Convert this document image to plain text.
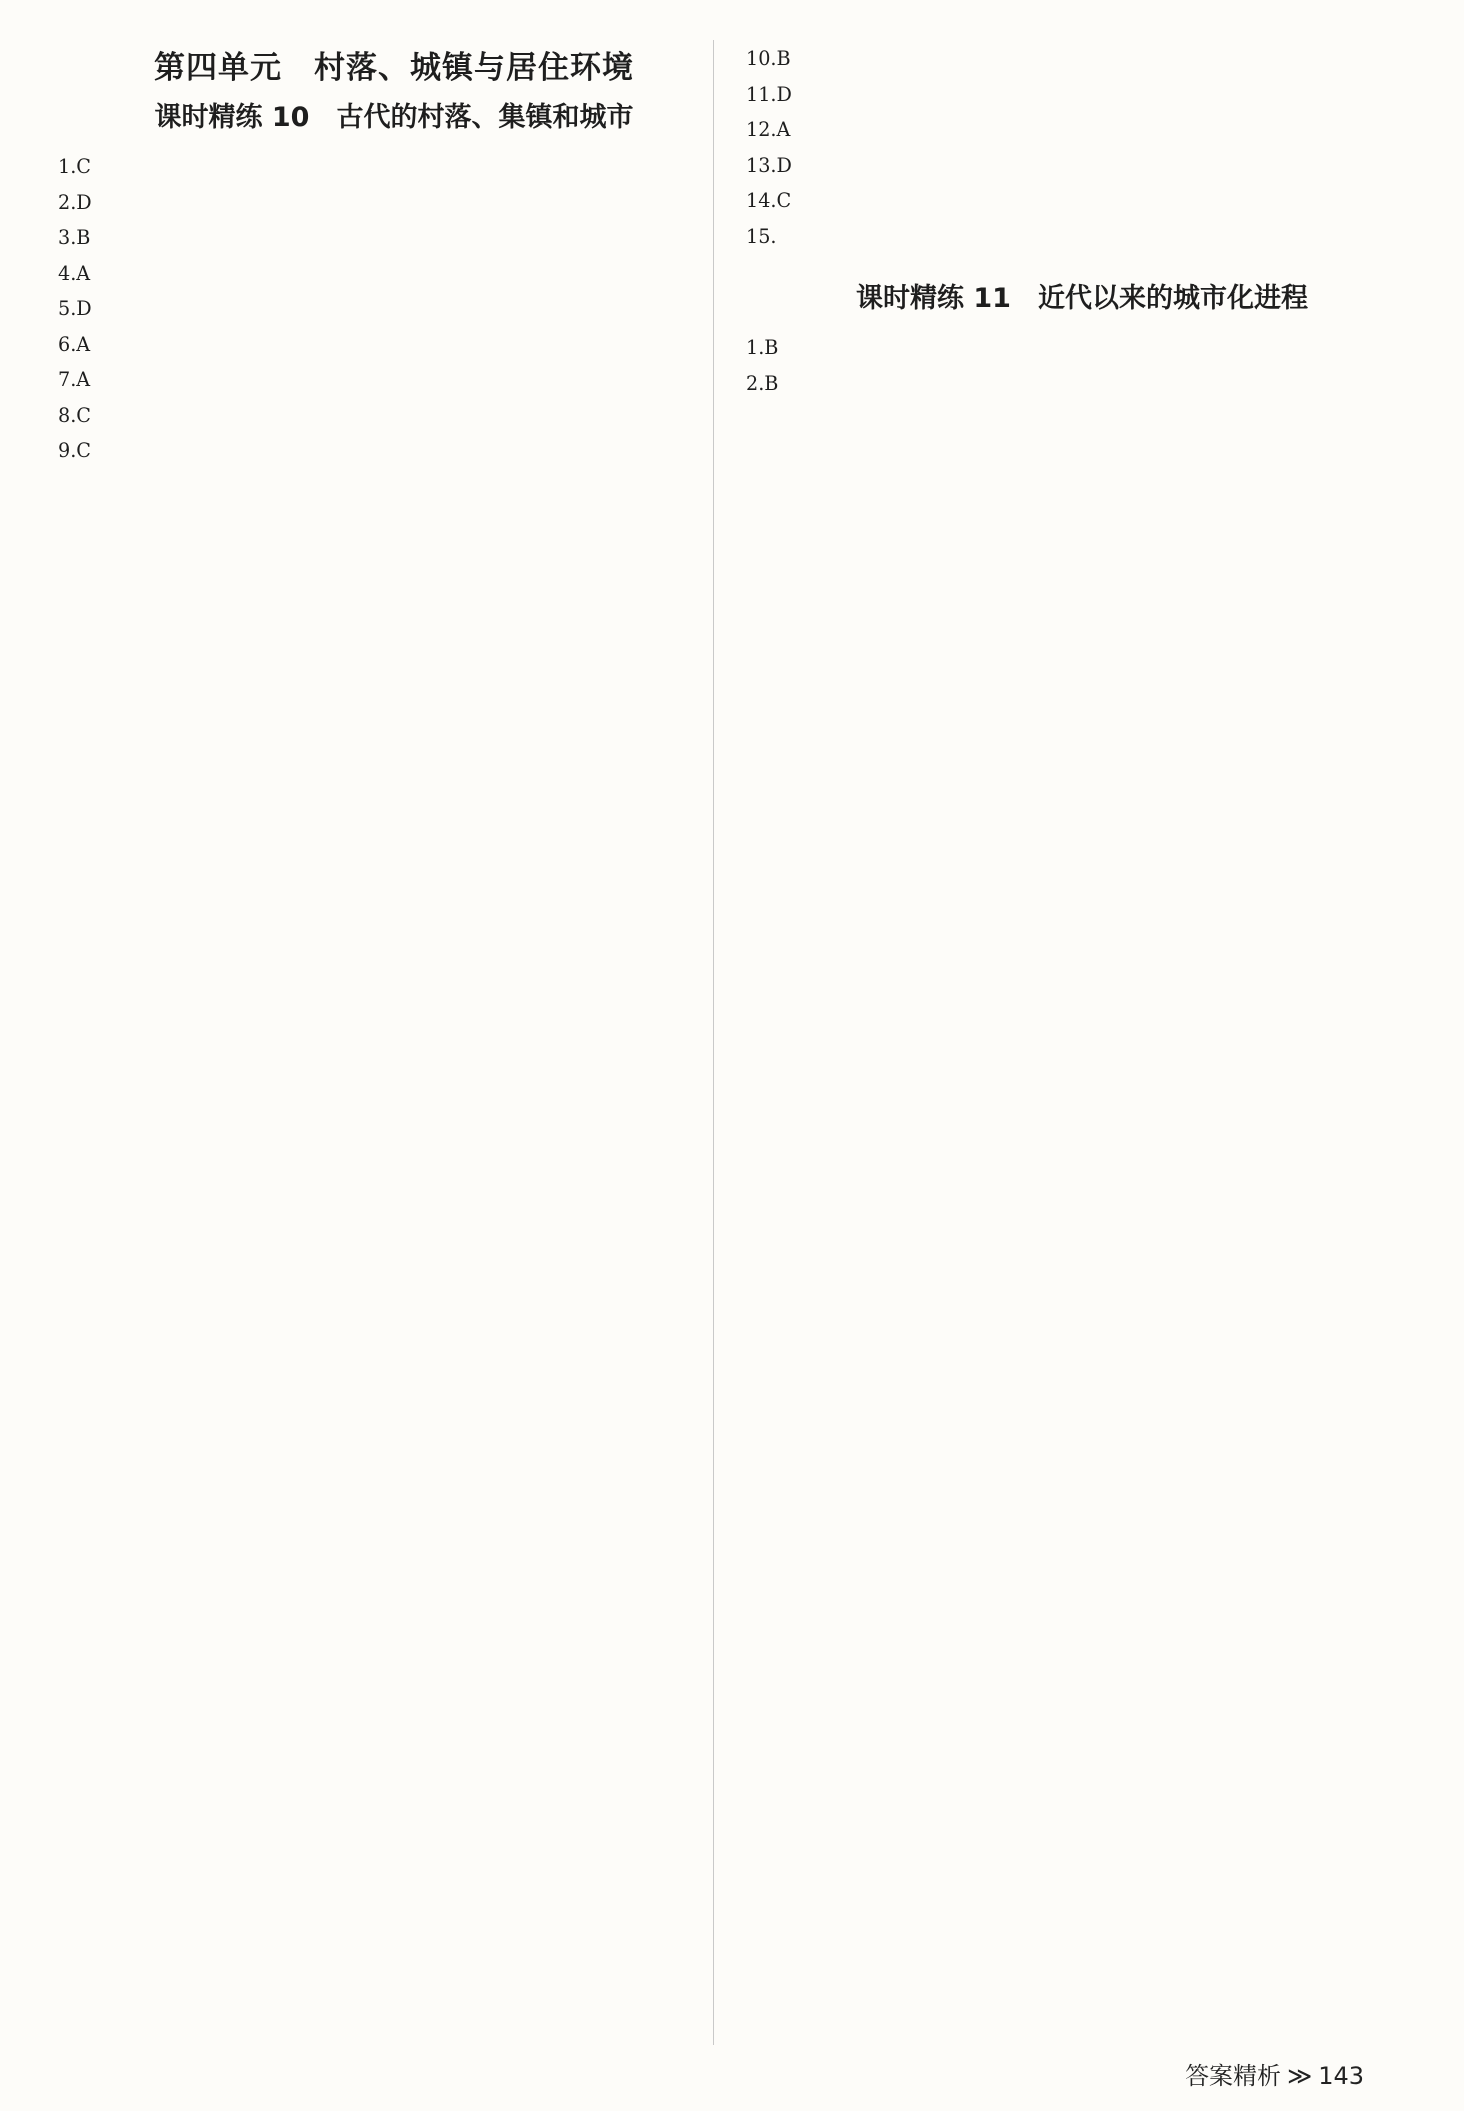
第四单元　村落、城镇与居住环境
课时精练 10　古代的村落、集镇和城市

1.C

2.D

3.B

4.A

5.D

6.A

7.A

8.C

9.C

10.B

11.D

12.A

13.D

14.C

15.

课时精练 11　近代以来的城市化进程

1.B

2.B

答案精析 ≫ 143
